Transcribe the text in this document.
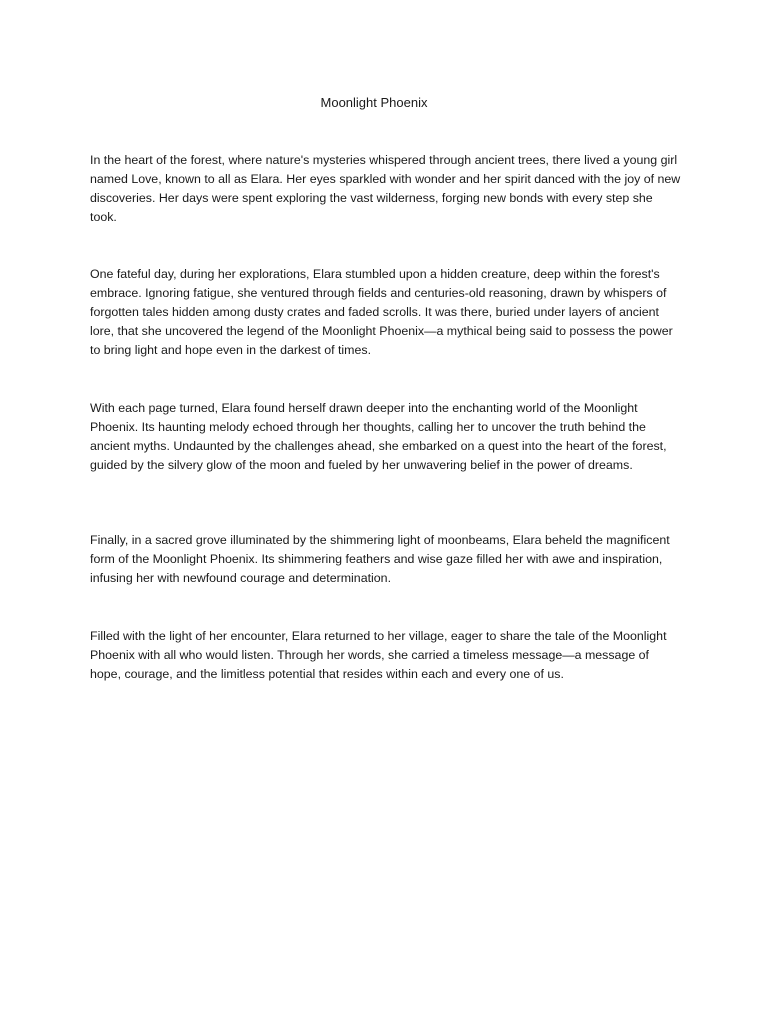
Moonlight Phoenix

In the heart of the forest, where nature's mysteries whispered through ancient trees, there lived a young girl named Love, known to all as Elara. Her eyes sparkled with wonder and her spirit danced with the joy of new discoveries. Her days were spent exploring the vast wilderness, forging new bonds with every step she took.

One fateful day, during her explorations, Elara stumbled upon a hidden creature, deep within the forest's embrace. Ignoring fatigue, she ventured through fields and centuries-old reasoning, drawn by whispers of forgotten tales hidden among dusty crates and faded scrolls. It was there, buried under layers of ancient lore, that she uncovered the legend of the Moonlight Phoenix—a mythical being said to possess the power to bring light and hope even in the darkest of times.

With each page turned, Elara found herself drawn deeper into the enchanting world of the Moonlight Phoenix. Its haunting melody echoed through her thoughts, calling her to uncover the truth behind the ancient myths. Undaunted by the challenges ahead, she embarked on a quest into the heart of the forest, guided by the silvery glow of the moon and fueled by her unwavering belief in the power of dreams.

Finally, in a sacred grove illuminated by the shimmering light of moonbeams, Elara beheld the magnificent form of the Moonlight Phoenix. Its shimmering feathers and wise gaze filled her with awe and inspiration, infusing her with newfound courage and determination.

Filled with the light of her encounter, Elara returned to her village, eager to share the tale of the Moonlight Phoenix with all who would listen. Through her words, she carried a timeless message—a message of hope, courage, and the limitless potential that resides within each and every one of us.
